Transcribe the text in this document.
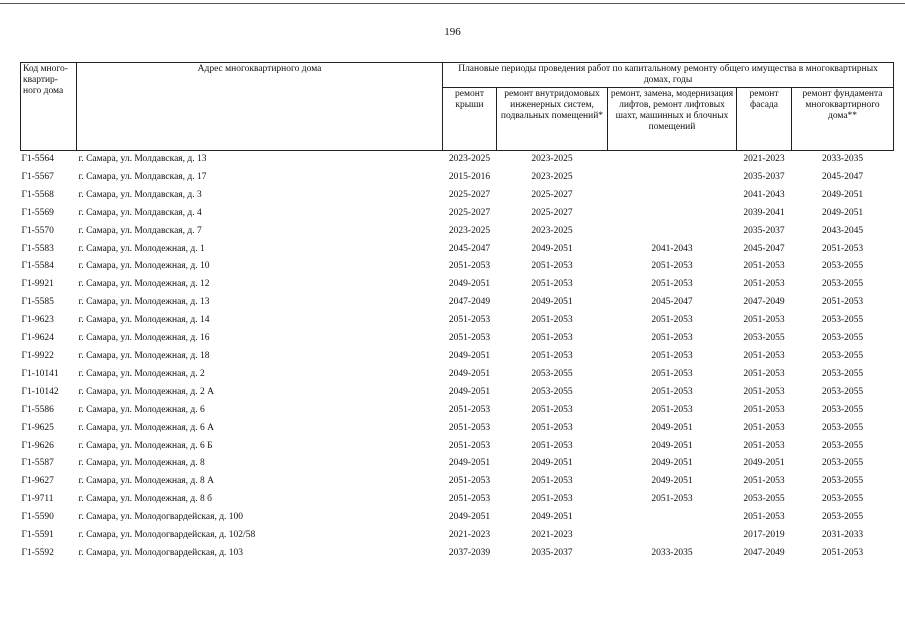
196
Код много-квартир-ного дома	Адрес многоквартирного дома	Плановые периоды проведения работ по капитальному ремонту общего имущества в многоквартирных домах, годы				
		ремонт крыши	ремонт внутридомовых инженерных систем, подвальных помещений*	ремонт, замена, модернизация лифтов, ремонт лифтовых шахт, машинных и блочных помещений	ремонт фасада	ремонт фундамента многоквартирного дома**
Г1-5564	г. Самара, ул. Молдавская, д. 13	2023-2025	2023-2025		2021-2023	2033-2035
Г1-5567	г. Самара, ул. Молдавская, д. 17	2015-2016	2023-2025		2035-2037	2045-2047
Г1-5568	г. Самара, ул. Молдавская, д. 3	2025-2027	2025-2027		2041-2043	2049-2051
Г1-5569	г. Самара, ул. Молдавская, д. 4	2025-2027	2025-2027		2039-2041	2049-2051
Г1-5570	г. Самара, ул. Молдавская, д. 7	2023-2025	2023-2025		2035-2037	2043-2045
Г1-5583	г. Самара, ул. Молодежная, д. 1	2045-2047	2049-2051	2041-2043	2045-2047	2051-2053
Г1-5584	г. Самара, ул. Молодежная, д. 10	2051-2053	2051-2053	2051-2053	2051-2053	2053-2055
Г1-9921	г. Самара, ул. Молодежная, д. 12	2049-2051	2051-2053	2051-2053	2051-2053	2053-2055
Г1-5585	г. Самара, ул. Молодежная, д. 13	2047-2049	2049-2051	2045-2047	2047-2049	2051-2053
Г1-9623	г. Самара, ул. Молодежная, д. 14	2051-2053	2051-2053	2051-2053	2051-2053	2053-2055
Г1-9624	г. Самара, ул. Молодежная, д. 16	2051-2053	2051-2053	2051-2053	2053-2055	2053-2055
Г1-9922	г. Самара, ул. Молодежная, д. 18	2049-2051	2051-2053	2051-2053	2051-2053	2053-2055
Г1-10141	г. Самара, ул. Молодежная, д. 2	2049-2051	2053-2055	2051-2053	2051-2053	2053-2055
Г1-10142	г. Самара, ул. Молодежная, д. 2 А	2049-2051	2053-2055	2051-2053	2051-2053	2053-2055
Г1-5586	г. Самара, ул. Молодежная, д. 6	2051-2053	2051-2053	2051-2053	2051-2053	2053-2055
Г1-9625	г. Самара, ул. Молодежная, д. 6 А	2051-2053	2051-2053	2049-2051	2051-2053	2053-2055
Г1-9626	г. Самара, ул. Молодежная, д. 6 Б	2051-2053	2051-2053	2049-2051	2051-2053	2053-2055
Г1-5587	г. Самара, ул. Молодежная, д. 8	2049-2051	2049-2051	2049-2051	2049-2051	2053-2055
Г1-9627	г. Самара, ул. Молодежная, д. 8 А	2051-2053	2051-2053	2049-2051	2051-2053	2053-2055
Г1-9711	г. Самара, ул. Молодежная, д. 8 б	2051-2053	2051-2053	2051-2053	2053-2055	2053-2055
Г1-5590	г. Самара, ул. Молодогвардейская, д. 100	2049-2051	2049-2051		2051-2053	2053-2055
Г1-5591	г. Самара, ул. Молодогвардейская, д. 102/58	2021-2023	2021-2023		2017-2019	2031-2033
Г1-5592	г. Самара, ул. Молодогвардейская, д. 103	2037-2039	2035-2037	2033-2035	2047-2049	2051-2053
